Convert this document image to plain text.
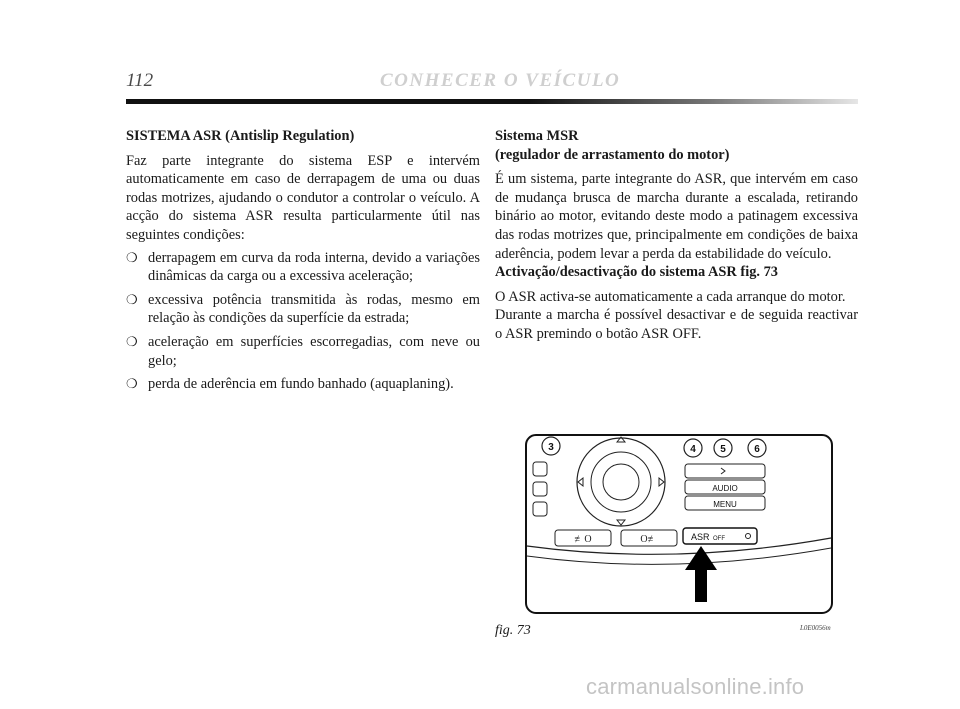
112	CONHECER O VEÍCULO
SISTEMA ASR (Antislip Regulation)

Faz parte integrante do sistema ESP e intervém automaticamente em caso de derrapagem de uma ou duas rodas motrizes, ajudando o condutor a controlar o veículo. A acção do sistema ASR resulta particularmente útil nas seguintes condições:

❍ derrapagem em curva da roda interna, devido a variações dinâmicas da carga ou a excessiva aceleração;
❍ excessiva potência transmitida às rodas, mesmo em relação às condições da superfície da estrada;
❍ aceleração em superfícies escorregadias, com neve ou gelo;
❍ perda de aderência em fundo banhado (aquaplaning).
Sistema MSR
(regulador de arrastamento do motor)

É um sistema, parte integrante do ASR, que intervém em caso de mudança brusca de marcha durante a escalada, retirando binário ao motor, evitando deste modo a patinagem excessiva das rodas motrizes que, principalmente em condições de baixa aderência, podem levar a perda da estabilidade do veículo.

Activação/desactivação do sistema ASR fig. 73

O ASR activa-se automaticamente a cada arranque do motor.

Durante a marcha é possível desactivar e de seguida reactivar o ASR premindo o botão ASR OFF.

3	4 5	6
AUDIO
MENU
≢O	O≢	ASR OFF
fig. 73	L0E0056m
carmanualsonline.info
